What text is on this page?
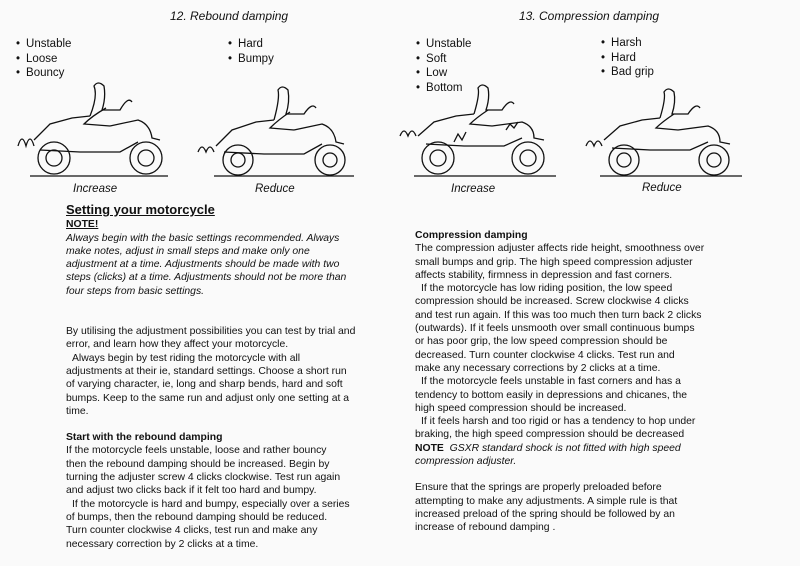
12. Rebound damping
• Unstable
• Loose
• Bouncy
• Hard
• Bumpy
Increase	Reduce
13. Compression damping
• Unstable
• Soft
• Low
• Bottom
• Harsh
• Hard
• Bad grip
Increase	Reduce
Setting your motorcycle
NOTE!

Always begin with the basic settings recommended. Always

make notes, adjust in small steps and make only one

adjustment at a time. Adjustments should be made with two

steps (clicks) at a time. Adjustments should not be more than

four steps from basic settings.

By utilising the adjustment possibilities you can test by trial and

error, and learn how they affect your motorcycle.

Always begin by test riding the motorcycle with all

adjustments at their ie, standard settings. Choose a short run

of varying character, ie, long and sharp bends, hard and soft

bumps. Keep to the same run and adjust only one setting at a

time.

Start with the rebound damping

If the motorcycle feels unstable, loose and rather bouncy

then the rebound damping should be increased. Begin by

turning the adjuster screw 4 clicks clockwise. Test run again

and adjust two clicks back if it felt too hard and bumpy.

If the motorcycle is hard and bumpy, especially over a series

of bumps, then the rebound damping should be reduced.

Turn counter clockwise 4 clicks, test run and make any

necessary correction by 2 clicks at a time.

Compression damping

The compression adjuster affects ride height, smoothness over

small bumps and grip. The high speed compression adjuster

affects stability, firmness in depression and fast corners.

If the motorcycle has low riding position, the low speed

compression should be increased. Screw clockwise 4 clicks

and test run again. If this was too much then turn back 2 clicks

(outwards). If it feels unsmooth over small continuous bumps

or has poor grip, the low speed compression should be

decreased. Turn counter clockwise 4 clicks. Test run and

make any necessary corrections by 2 clicks at a time.

If the motorcycle feels unstable in fast corners and has a

tendency to bottom easily in depressions and chicanes, the

high speed compression should be increased.

If it feels harsh and too rigid or has a tendency to hop under

braking, the high speed compression should be decreased

NOTE GSXR standard shock is not fitted with high speed

compression adjuster.

Ensure that the springs are properly preloaded before

attempting to make any adjustments. A simple rule is that

increased preload of the spring should be followed by an

increase of rebound damping .
